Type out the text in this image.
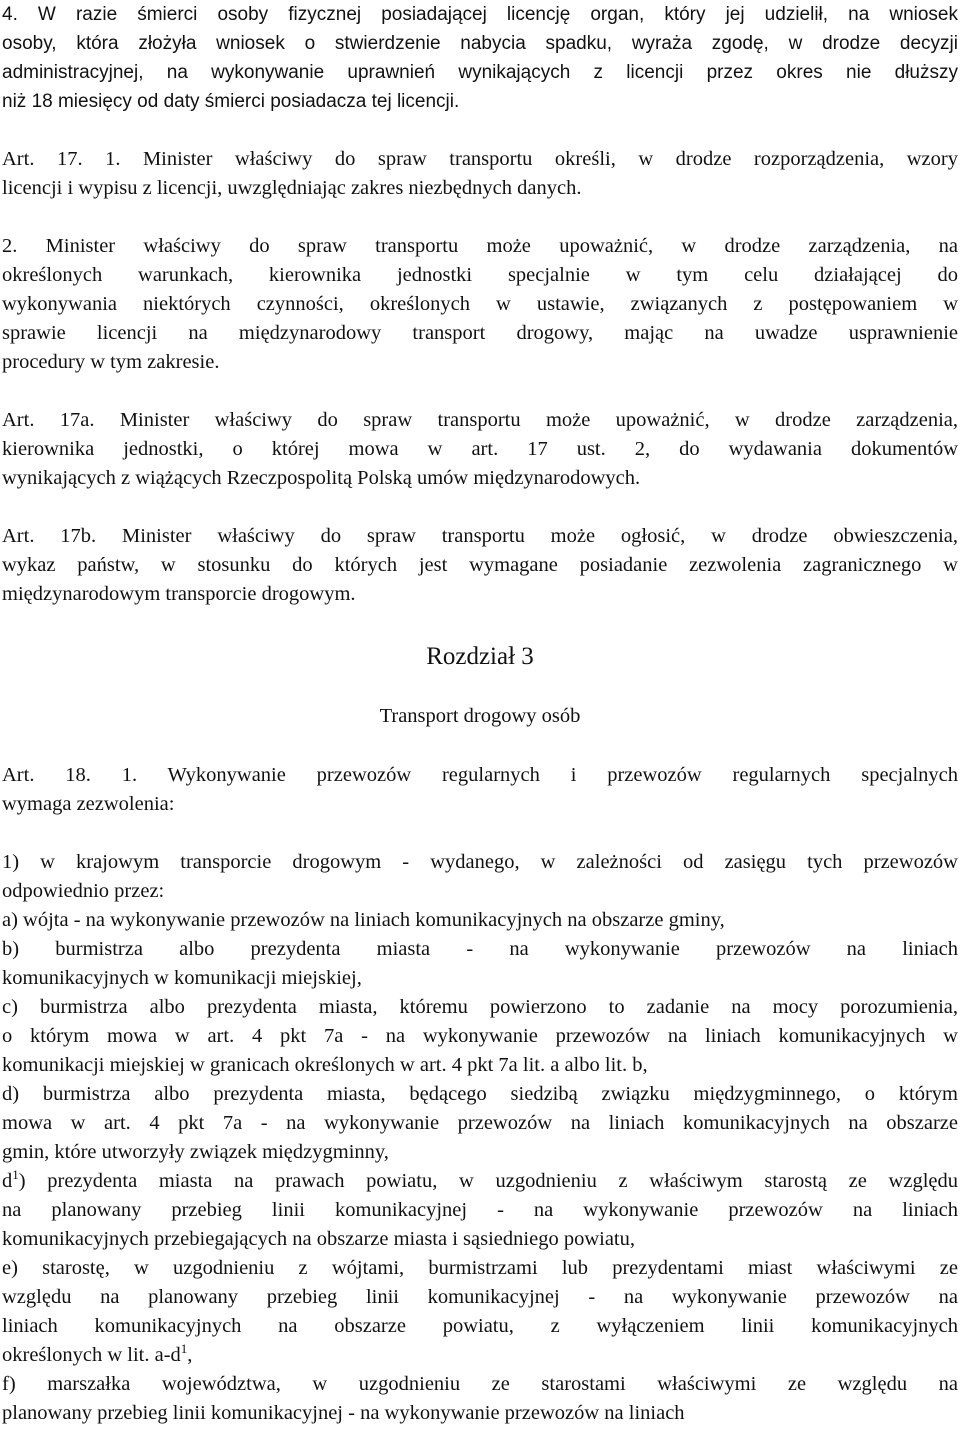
4. W razie śmierci osoby fizycznej posiadającej licencję organ, który jej udzielił, na wniosek
osoby, która złożyła wniosek o stwierdzenie nabycia spadku, wyraża zgodę, w drodze decyzji
administracyjnej, na wykonywanie uprawnień wynikających z licencji przez okres nie dłuższy
niż 18 miesięcy od daty śmierci posiadacza tej licencji.
Art. 17. 1. Minister właściwy do spraw transportu określi, w drodze rozporządzenia, wzory
licencji i wypisu z licencji, uwzględniając zakres niezbędnych danych.
2. Minister właściwy do spraw transportu może upoważnić, w drodze zarządzenia, na
określonych warunkach, kierownika jednostki specjalnie w tym celu działającej do
wykonywania niektórych czynności, określonych w ustawie, związanych z postępowaniem w
sprawie licencji na międzynarodowy transport drogowy, mając na uwadze usprawnienie
procedury w tym zakresie.
Art. 17a. Minister właściwy do spraw transportu może upoważnić, w drodze zarządzenia,
kierownika jednostki, o której mowa w art. 17 ust. 2, do wydawania dokumentów
wynikających z wiążących Rzeczpospolitą Polską umów międzynarodowych.
Art. 17b. Minister właściwy do spraw transportu może ogłosić, w drodze obwieszczenia,
wykaz państw, w stosunku do których jest wymagane posiadanie zezwolenia zagranicznego w
międzynarodowym transporcie drogowym.
Rozdział 3
Transport drogowy osób
Art. 18. 1. Wykonywanie przewozów regularnych i przewozów regularnych specjalnych
wymaga zezwolenia:
1) w krajowym transporcie drogowym - wydanego, w zależności od zasięgu tych przewozów
odpowiednio przez:
a) wójta - na wykonywanie przewozów na liniach komunikacyjnych na obszarze gminy,
b) burmistrza albo prezydenta miasta - na wykonywanie przewozów na liniach
komunikacyjnych w komunikacji miejskiej,
c) burmistrza albo prezydenta miasta, któremu powierzono to zadanie na mocy porozumienia,
o którym mowa w art. 4 pkt 7a - na wykonywanie przewozów na liniach komunikacyjnych w
komunikacji miejskiej w granicach określonych w art. 4 pkt 7a lit. a albo lit. b,
d) burmistrza albo prezydenta miasta, będącego siedzibą związku międzygminnego, o którym
mowa w art. 4 pkt 7a - na wykonywanie przewozów na liniach komunikacyjnych na obszarze
gmin, które utworzyły związek międzygminny,
$d^1$) prezydenta miasta na prawach powiatu, w uzgodnieniu z właściwym starostą ze względu
na planowany przebieg linii komunikacyjnej - na wykonywanie przewozów na liniach
komunikacyjnych przebiegających na obszarze miasta i sąsiedniego powiatu,
e) starostę, w uzgodnieniu z wójtami, burmistrzami lub prezydentami miast właściwymi ze
względu na planowany przebieg linii komunikacyjnej - na wykonywanie przewozów na
liniach komunikacyjnych na obszarze powiatu, z wyłączeniem linii komunikacyjnych
określonych w lit. $a-d^1$,
f) marszałka województwa, w uzgodnieniu ze starostami właściwymi ze względu na
planowany przebieg linii komunikacyjnej - na wykonywanie przewozów na liniach
